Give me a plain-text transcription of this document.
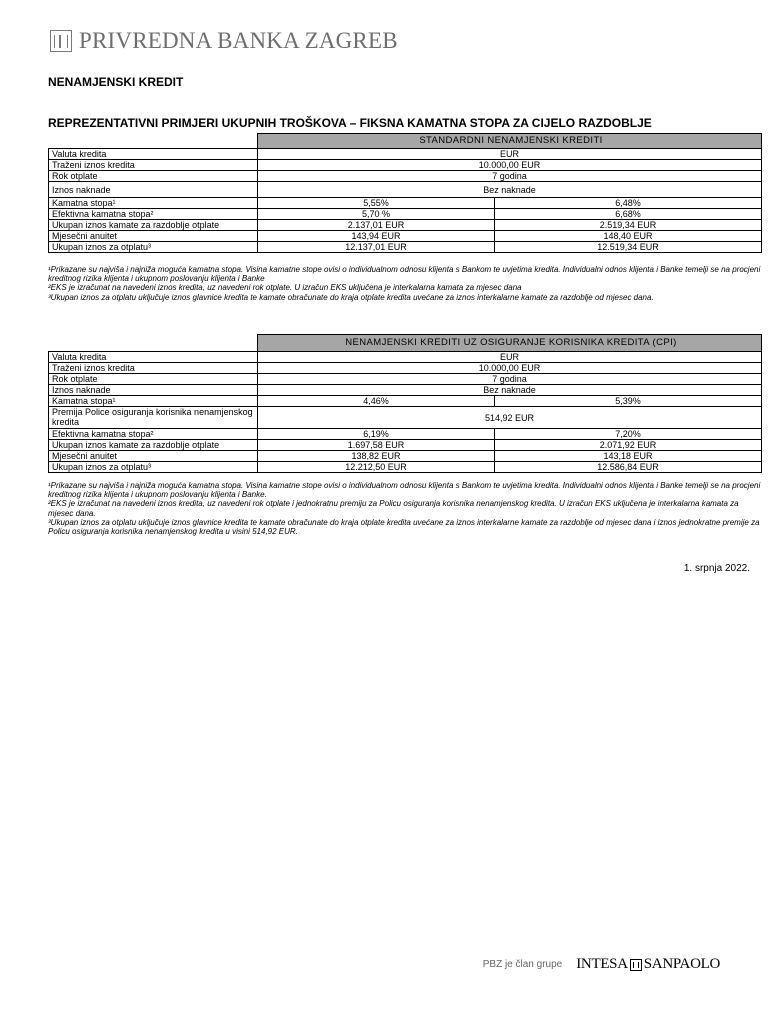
PRIVREDNA BANKA ZAGREB
NENAMJENSKI KREDIT
REPREZENTATIVNI PRIMJERI UKUPNIH TROŠKOVA – FIKSNA KAMATNA STOPA ZA CIJELO RAZDOBLJE
	STANDARDNI NENAMJENSKI KREDITI	
Valuta kredita	EUR	
Traženi iznos kredita	10.000,00 EUR	
Rok otplate	7 godina	
Iznos naknade	Bez naknade	
Kamatna stopa¹	5,55%	6,48%
Efektivna kamatna stopa²	5,70 %	6,68%
Ukupan iznos kamate za razdoblje otplate	2.137,01 EUR	2.519,34 EUR
Mjesečni anuitet	143,94 EUR	148,40 EUR
Ukupan iznos za otplatu³	12.137,01 EUR	12.519,34 EUR

¹Prikazane su najviša i najniža moguća kamatna stopa. Visina kamatne stope ovisi o individualnom odnosu klijenta s Bankom te uvjetima kredita. Individualni odnos klijenta i Banke temelji se na procjeni kreditnog rizika klijenta i ukupnom poslovanju klijenta i Banke

²EKS je izračunat na navedeni iznos kredita, uz navedeni rok otplate. U izračun EKS uključena je interkalarna kamata za mjesec dana

³Ukupan iznos za otplatu uključuje iznos glavnice kredita te kamate obračunate do kraja otplate kredita uvećane za iznos interkalarne kamate za razdoblje od mjesec dana.

	NENAMJENSKI KREDITI UZ OSIGURANJE KORISNIKA KREDITA (CPI)	
Valuta kredita	EUR	
Traženi iznos kredita	10.000,00 EUR	
Rok otplate	7 godina	
Iznos naknade	Bez naknade	
Kamatna stopa¹	4,46%	5,39%
Premija Police osiguranja korisnika nenamjenskog kredita	514,92 EUR	
Efektivna kamatna stopa²	6,19%	7,20%
Ukupan iznos kamate za razdoblje otplate	1.697,58 EUR	2.071,92 EUR
Mjesečni anuitet	138,82 EUR	143,18 EUR
Ukupan iznos za otplatu³	12.212,50 EUR	12.586,84 EUR

¹Prikazane su najviša i najniža moguća kamatna stopa. Visina kamatne stope ovisi o individualnom odnosu klijenta s Bankom te uvjetima kredita. Individualni odnos klijenta i Banke temelji se na procjeni kreditnog rizika klijenta i ukupnom poslovanju klijenta i Banke.

²EKS je izračunat na navedeni iznos kredita, uz navedeni rok otplate i jednokratnu premiju za Policu osiguranja korisnika nenamjenskog kredita. U izračun EKS uključena je interkalarna kamata za mjesec dana.

³Ukupan iznos za otplatu uključuje iznos glavnice kredita te kamate obračunate do kraja otplate kredita uvećane za iznos interkalarne kamate za razdoblje od mjesec dana i iznos jednokratne premije za Policu osiguranja korisnika nenamjenskog kredita u visini 514,92 EUR.

1. srpnja 2022.
PBZ je član grupe INTESA SANPAOLO
